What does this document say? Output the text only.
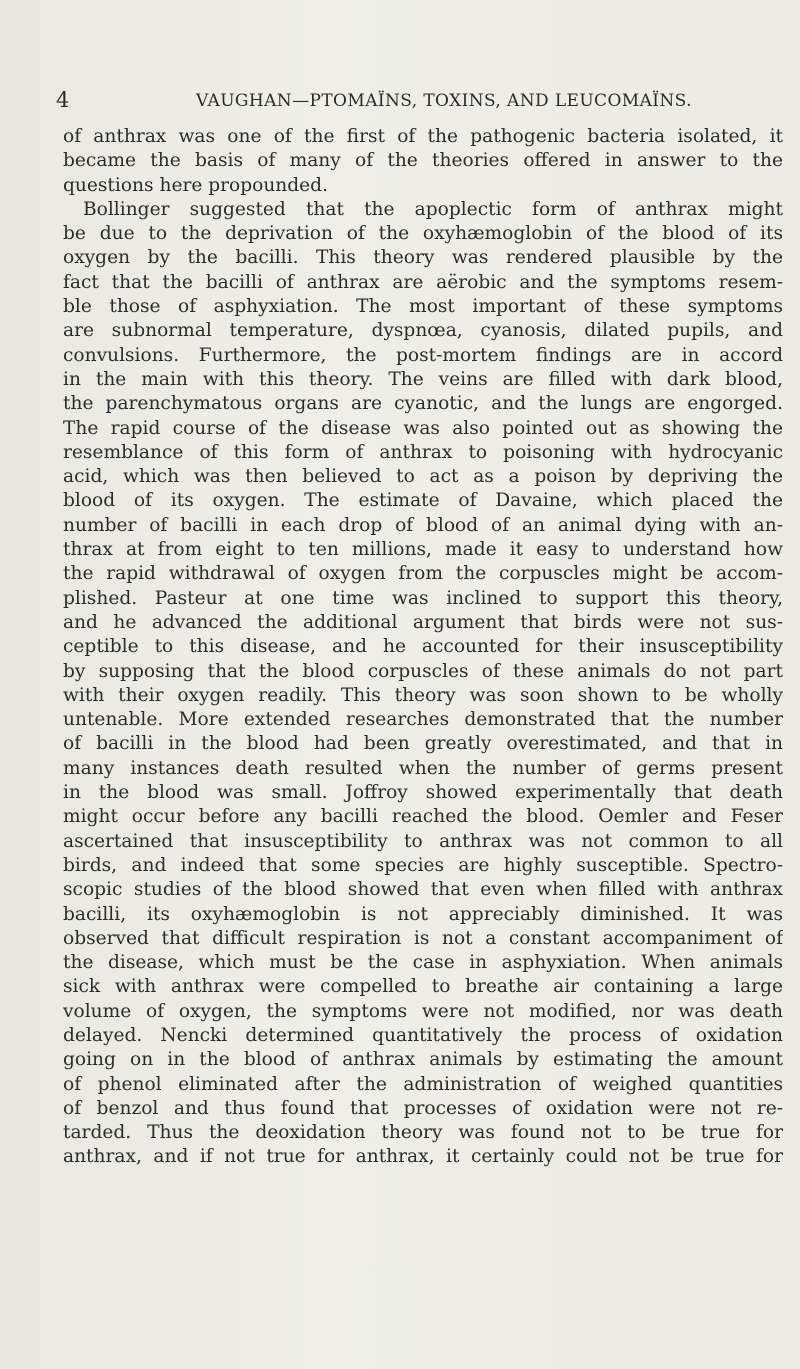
4	VAUGHAN—PTOMAÏNS, TOXINS, AND LEUCOMAÏNS.
of anthrax was one of the first of the pathogenic bacteria isolated, it
became the basis of many of the theories offered in answer to the
questions here propounded.
Bollinger suggested that the apoplectic form of anthrax might
be due to the deprivation of the oxyhæmoglobin of the blood of its
oxygen by the bacilli. This theory was rendered plausible by the
fact that the bacilli of anthrax are aërobic and the symptoms resem-
ble those of asphyxiation. The most important of these symptoms
are subnormal temperature, dyspnœa, cyanosis, dilated pupils, and
convulsions. Furthermore, the post-mortem findings are in accord
in the main with this theory. The veins are filled with dark blood,
the parenchymatous organs are cyanotic, and the lungs are engorged.
The rapid course of the disease was also pointed out as showing the
resemblance of this form of anthrax to poisoning with hydrocyanic
acid, which was then believed to act as a poison by depriving the
blood of its oxygen. The estimate of Davaine, which placed the
number of bacilli in each drop of blood of an animal dying with an-
thrax at from eight to ten millions, made it easy to understand how
the rapid withdrawal of oxygen from the corpuscles might be accom-
plished. Pasteur at one time was inclined to support this theory,
and he advanced the additional argument that birds were not sus-
ceptible to this disease, and he accounted for their insusceptibility
by supposing that the blood corpuscles of these animals do not part
with their oxygen readily. This theory was soon shown to be wholly
untenable. More extended researches demonstrated that the number
of bacilli in the blood had been greatly overestimated, and that in
many instances death resulted when the number of germs present
in the blood was small. Joffroy showed experimentally that death
might occur before any bacilli reached the blood. Oemler and Feser
ascertained that insusceptibility to anthrax was not common to all
birds, and indeed that some species are highly susceptible. Spectro-
scopic studies of the blood showed that even when filled with anthrax
bacilli, its oxyhæmoglobin is not appreciably diminished. It was
observed that difficult respiration is not a constant accompaniment of
the disease, which must be the case in asphyxiation. When animals
sick with anthrax were compelled to breathe air containing a large
volume of oxygen, the symptoms were not modified, nor was death
delayed. Nencki determined quantitatively the process of oxidation
going on in the blood of anthrax animals by estimating the amount
of phenol eliminated after the administration of weighed quantities
of benzol and thus found that processes of oxidation were not re-
tarded. Thus the deoxidation theory was found not to be true for
anthrax, and if not true for anthrax, it certainly could not be true for
